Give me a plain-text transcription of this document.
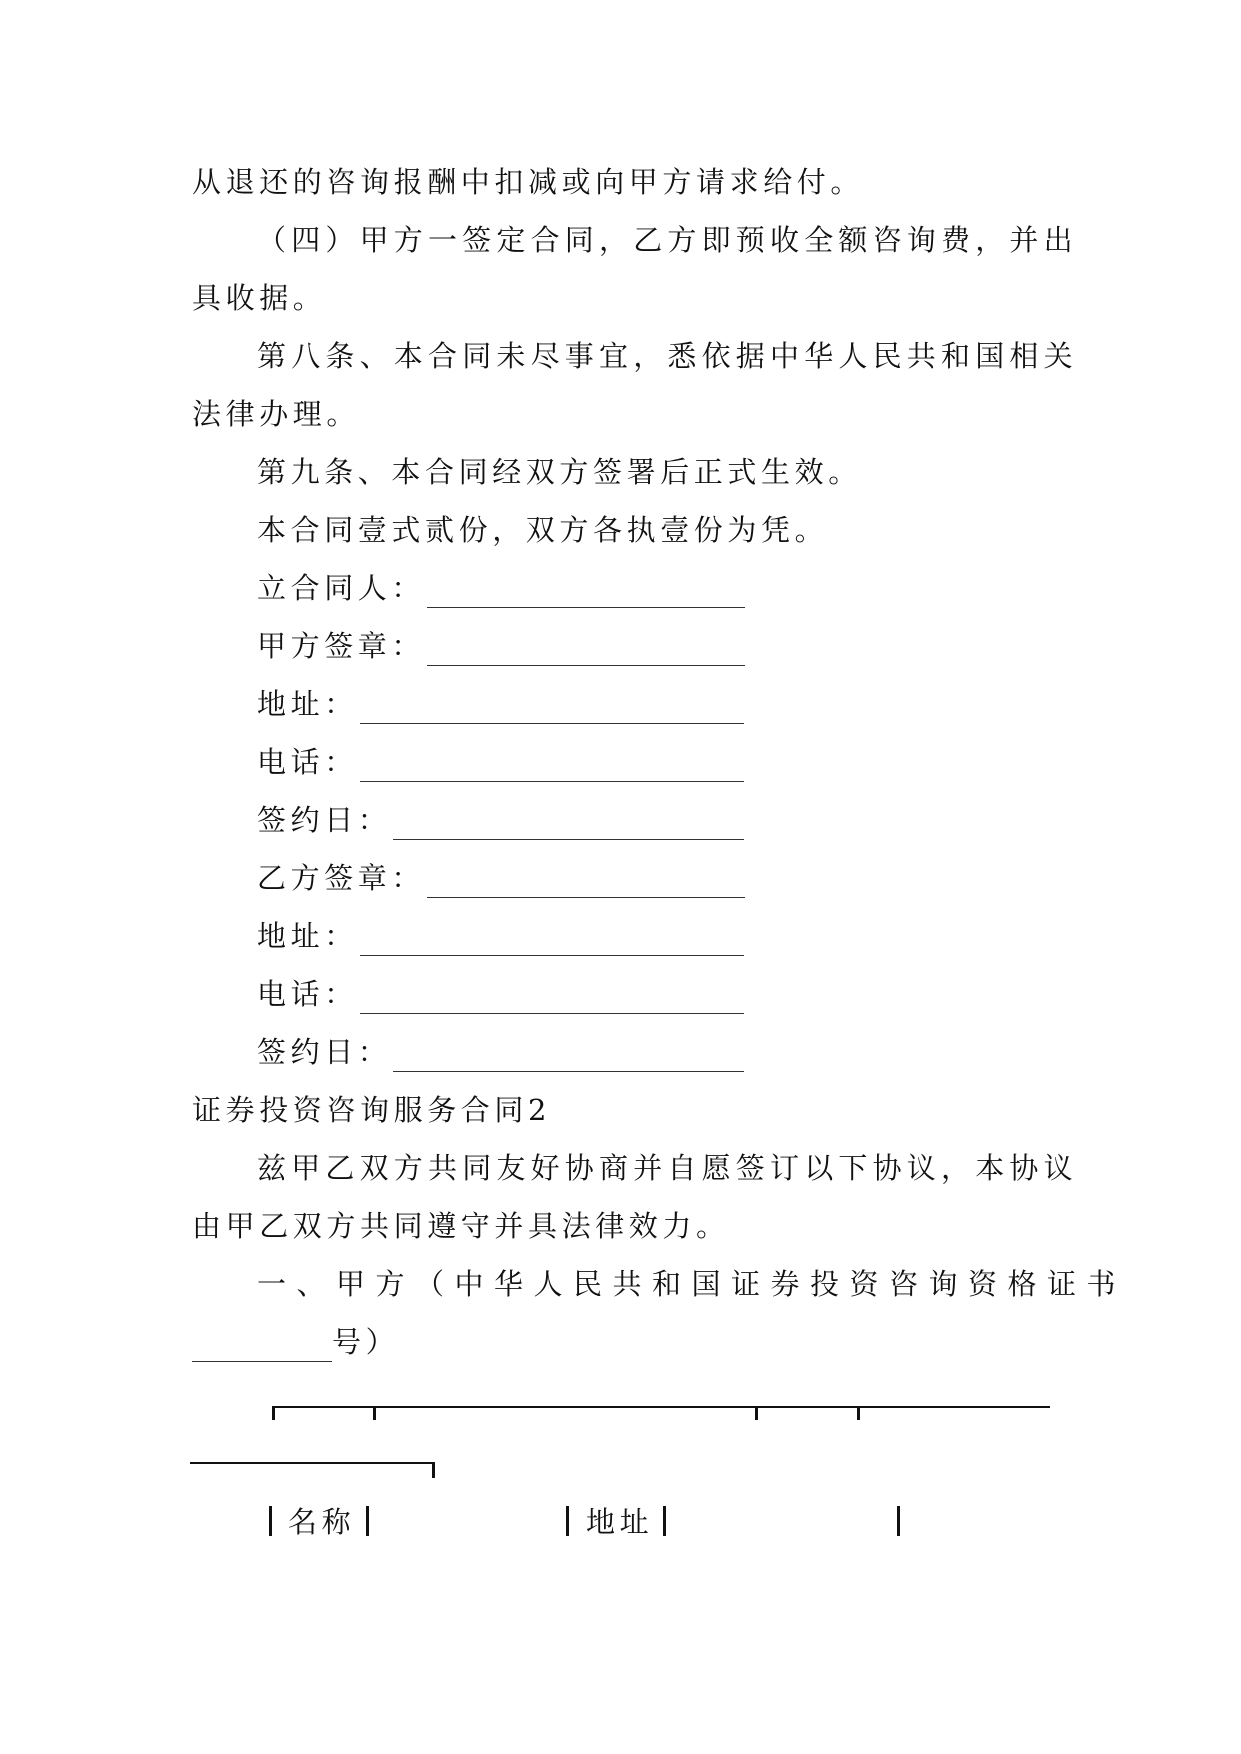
从退还的咨询报酬中扣减或向甲方请求给付。
（四）甲方一签定合同，乙方即预收全额咨询费，并出
具收据。
第八条、本合同未尽事宜，悉依据中华人民共和国相关
法律办理。
第九条、本合同经双方签署后正式生效。
本合同壹式贰份，双方各执壹份为凭。
立合同人：
甲方签章：
地址：
电话：
签约日：
乙方签章：
地址：
电话：
签约日：
证券投资咨询服务合同2
兹甲乙双方共同友好协商并自愿签订以下协议，本协议
由甲乙双方共同遵守并具法律效力。
一、甲方（中华人民共和国证券投资咨询资格证书
号）
名称	地址
